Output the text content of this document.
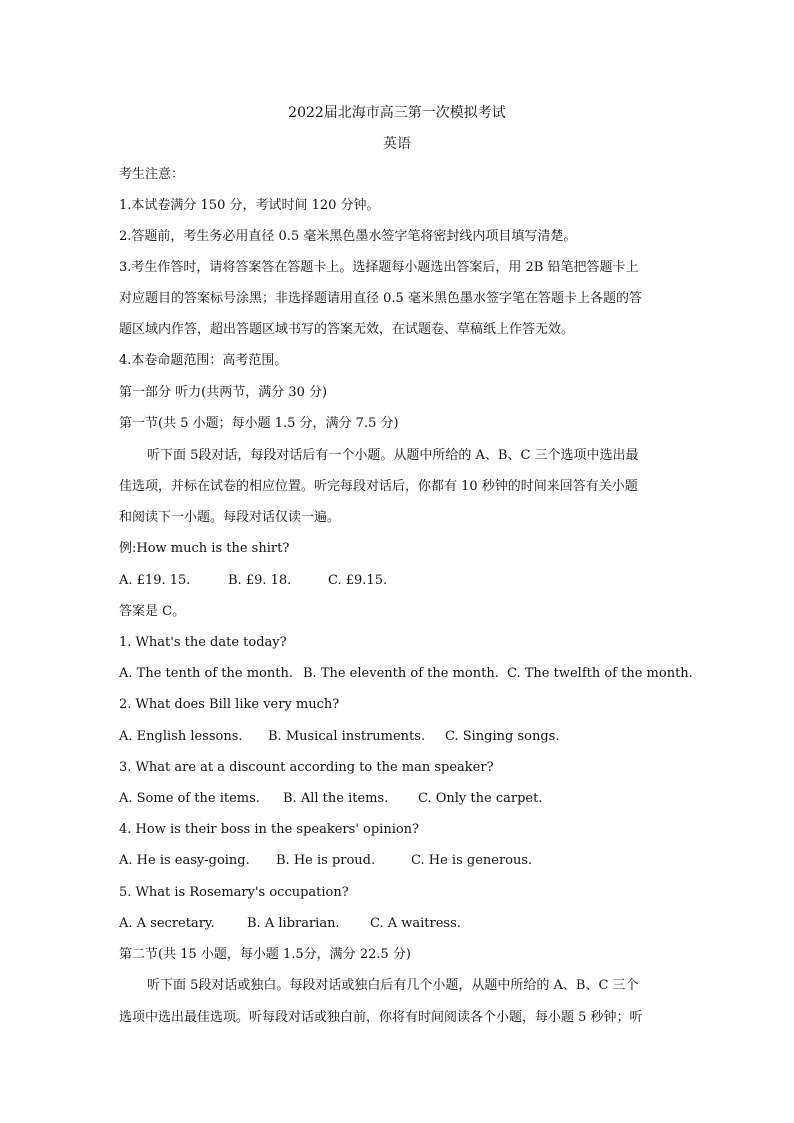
2022届北海市高三第一次模拟考试
英语
考生注意：
1.本试卷满分 150 分，考试时间 120 分钟。
2.答题前，考生务必用直径 0.5 毫米黑色墨水签字笔将密封线内项目填写清楚。
3.考生作答时，请将答案答在答题卡上。选择题每小题选出答案后，用 2B 铅笔把答题卡上
对应题目的答案标号涂黑；非选择题请用直径 0.5 毫米黑色墨水签字笔在答题卡上各题的答
题区域内作答，超出答题区域书写的答案无效，在试题卷、草稿纸上作答无效。
4.本卷命题范围：高考范围。
第一部分 听力(共两节，满分 30 分)
第一节(共 5 小题；每小题 1.5 分，满分 7.5 分)
听下面 5段对话，每段对话后有一个小题。从题中所给的 A、B、C 三个选项中选出最
佳选项，并标在试卷的相应位置。听完每段对话后，你都有 10 秒钟的时间来回答有关小题
和阅读下一小题。每段对话仅读一遍。
例:How much is the shirt?
A. £19. 15.	B. £9. 18.	C. £9.15.
答案是 C。
1. What's the date today?
A. The tenth of the month. B. The eleventh of the month. C. The twelfth of the month.
2. What does Bill like very much?
A. English lessons. B. Musical instruments. C. Singing songs.
3. What are at a discount according to the man speaker?
A. Some of the items. B. All the items. C. Only the carpet.
4. How is their boss in the speakers' opinion?
A. He is easy-going. B. He is proud.	C. He is generous.
5. What is Rosemary's occupation?
A. A secretary. B. A librarian. C. A waitress.
第二节(共 15 小题，每小题 1.5分，满分 22.5 分)
听下面 5段对话或独白。每段对话或独白后有几个小题，从题中所给的 A、B、C 三个
选项中选出最佳选项。听每段对话或独白前，你将有时间阅读各个小题，每小题 5 秒钟；听
